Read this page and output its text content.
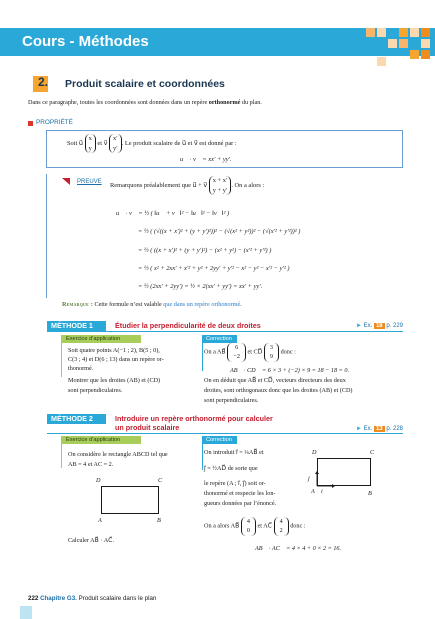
Cours - Méthodes
2. Produit scalaire et coordonnées
Dans ce paragraphe, toutes les coordonnées sont données dans un repère orthonormé du plan.
PROPRIÉTÉ
Soit u⃗ x
y et v⃗ x′
y′. Le produit scalaire de u⃗ et v⃗ est donné par :
u⃗ · v⃗ = xx′ + yy′.
PREUVE
Remarquons préalablement que u⃗ + v⃗ x + x′
y + y′. On a alors :
u⃗ · v⃗ = ½ ( ‖u⃗ + v⃗‖² − ‖u⃗‖² − ‖v⃗‖² )
= ½ ( (√((x + x′)² + (y + y′)²))² − (√(x² + y²))² − (√(x′² + y′²))² )
= ½ ( ((x + x′)² + (y + y′)²) − (x² + y²) − (x′² + y′²) )
= ½ ( x² + 2xx′ + x′² + y² + 2yy′ + y′² − x² − y² − x′² − y′² )
= ½ (2xx′ + 2yy′) = ½ × 2(xx′ + yy′) = xx′ + yy′.
Remarque : Cette formule n’est valable que dans un repère orthonormé.
MÉTHODE 1	Étudier la perpendicularité de deux droites	► Ex. 18 p. 229
Exercice d’application	Correction
Soit quatre points A(−1 ; 2), B(5 ; 0),
C(3 ; 4) et D(6 ; 13) dans un repère or-
thonormé.
Montrer que les droites (AB) et (CD)
sont perpendiculaires.
On a AB⃗ 6
−2 et CD⃗ 3
9 donc :
AB⃗ · CD⃗ = 6 × 3 + (−2) × 9 = 18 − 18 = 0.
On en déduit que AB⃗ et CD⃗, vecteurs directeurs des deux
droites, sont orthogonaux donc que les droites (AB) et (CD)
sont perpendiculaires.
MÉTHODE 2	Introduire un repère orthonormé pour calculer
un produit scalaire	► Ex. 13 p. 228
Exercice d’application	Correction
On considère le rectangle ABCD tel que
AB = 4 et AC = 2.
D	C
A	B
Calculer AB⃗ · AC⃗.
On introduit i⃗ = ¼AB⃗ et
j⃗ = ½AD⃗ de sorte que
le repère (A ; i⃗, j⃗) soit or-
thonormé et respecte les lon-
gueurs données par l’énoncé.
D	C
j⃗
A i⃗	B
On a alors AB⃗ 4
0 et AC⃗ 4
2 donc :
AB⃗ · AC⃗ = 4 × 4 + 0 × 2 = 16.
222 Chapitre G3. Produit scalaire dans le plan
